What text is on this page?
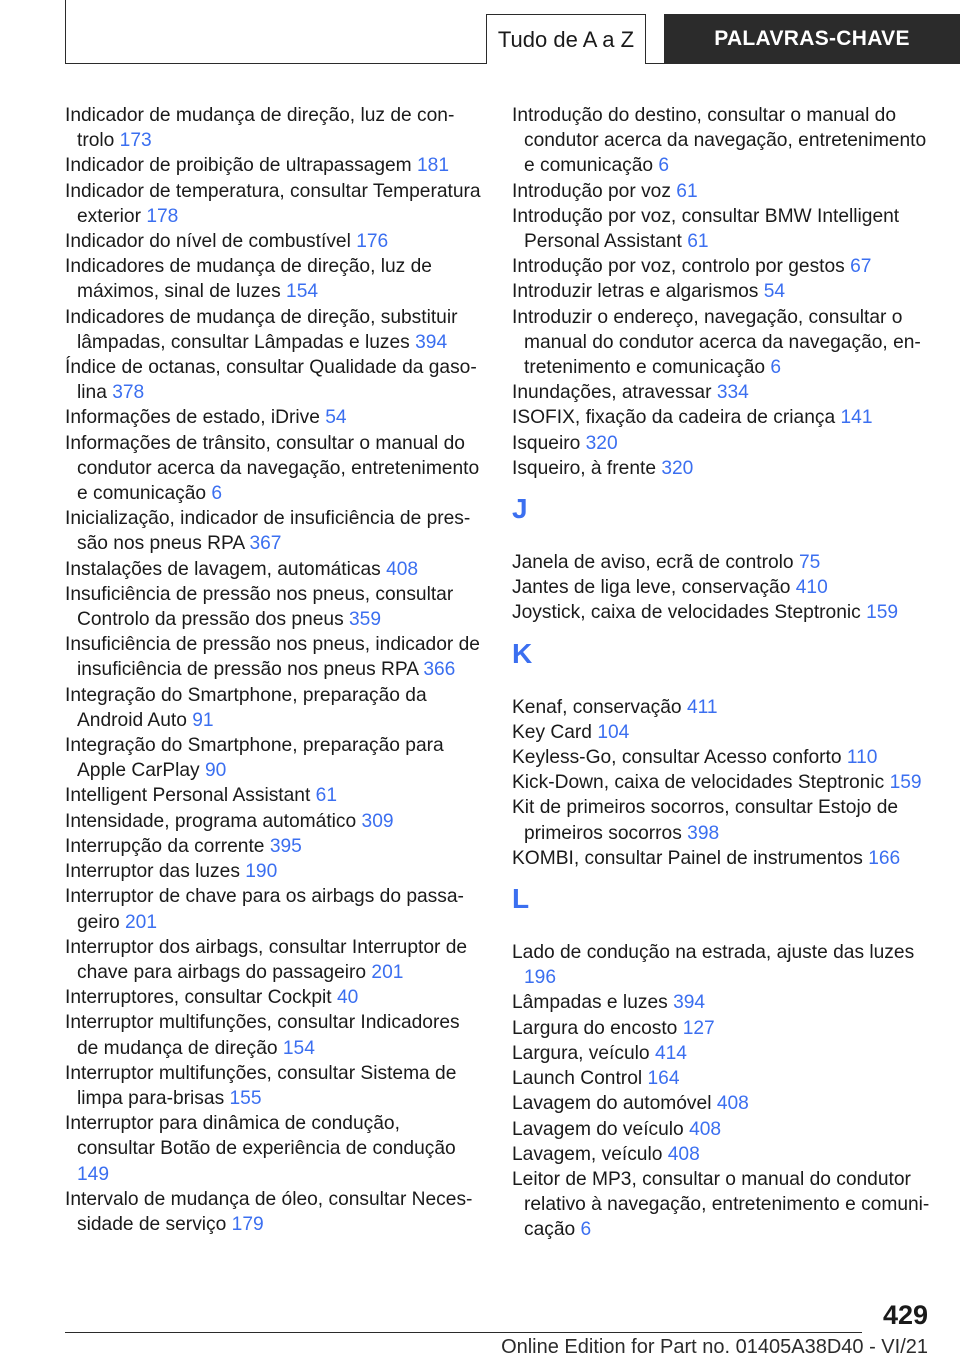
Tudo de A a Z	PALAVRAS-CHAVE

Indicador de mudança de direção, luz de controlo 173

Indicador de proibição de ultrapassagem 181

Indicador de temperatura, consultar Temperatura exterior 178

Indicador do nível de combustível 176

Indicadores de mudança de direção, luz de máximos, sinal de luzes 154

Indicadores de mudança de direção, substituir lâmpadas, consultar Lâmpadas e luzes 394

Índice de octanas, consultar Qualidade da gasolina 378

Informações de estado, iDrive 54

Informações de trânsito, consultar o manual do condutor acerca da navegação, entretenimento e comunicação 6

Inicialização, indicador de insuficiência de pressão nos pneus RPA 367

Instalações de lavagem, automáticas 408

Insuficiência de pressão nos pneus, consultar Controlo da pressão dos pneus 359

Insuficiência de pressão nos pneus, indicador de insuficiência de pressão nos pneus RPA 366

Integração do Smartphone, preparação da Android Auto 91

Integração do Smartphone, preparação para Apple CarPlay 90

Intelligent Personal Assistant 61

Intensidade, programa automático 309

Interrupção da corrente 395

Interruptor das luzes 190

Interruptor de chave para os airbags do passageiro 201

Interruptor dos airbags, consultar Interruptor de chave para airbags do passageiro 201

Interruptores, consultar Cockpit 40

Interruptor multifunções, consultar Indicadores de mudança de direção 154

Interruptor multifunções, consultar Sistema de limpa para-brisas 155

Interruptor para dinâmica de condução, consultar Botão de experiência de condução 149

Intervalo de mudança de óleo, consultar Necessidade de serviço 179

Introdução do destino, consultar o manual do condutor acerca da navegação, entretenimento e comunicação 6

Introdução por voz 61

Introdução por voz, consultar BMW Intelligent Personal Assistant 61

Introdução por voz, controlo por gestos 67

Introduzir letras e algarismos 54

Introduzir o endereço, navegação, consultar o manual do condutor acerca da navegação, entretenimento e comunicação 6

Inundações, atravessar 334

ISOFIX, fixação da cadeira de criança 141

Isqueiro 320

Isqueiro, à frente 320

J

Janela de aviso, ecrã de controlo 75

Jantes de liga leve, conservação 410

Joystick, caixa de velocidades Steptronic 159

K

Kenaf, conservação 411

Key Card 104

Keyless-Go, consultar Acesso conforto 110

Kick-Down, caixa de velocidades Steptronic 159

Kit de primeiros socorros, consultar Estojo de primeiros socorros 398

KOMBI, consultar Painel de instrumentos 166

L

Lado de condução na estrada, ajuste das luzes 196

Lâmpadas e luzes 394

Largura do encosto 127

Largura, veículo 414

Launch Control 164

Lavagem do automóvel 408

Lavagem do veículo 408

Lavagem, veículo 408

Leitor de MP3, consultar o manual do condutor relativo à navegação, entretenimento e comunicação 6

429
Online Edition for Part no. 01405A38D40 - VI/21
